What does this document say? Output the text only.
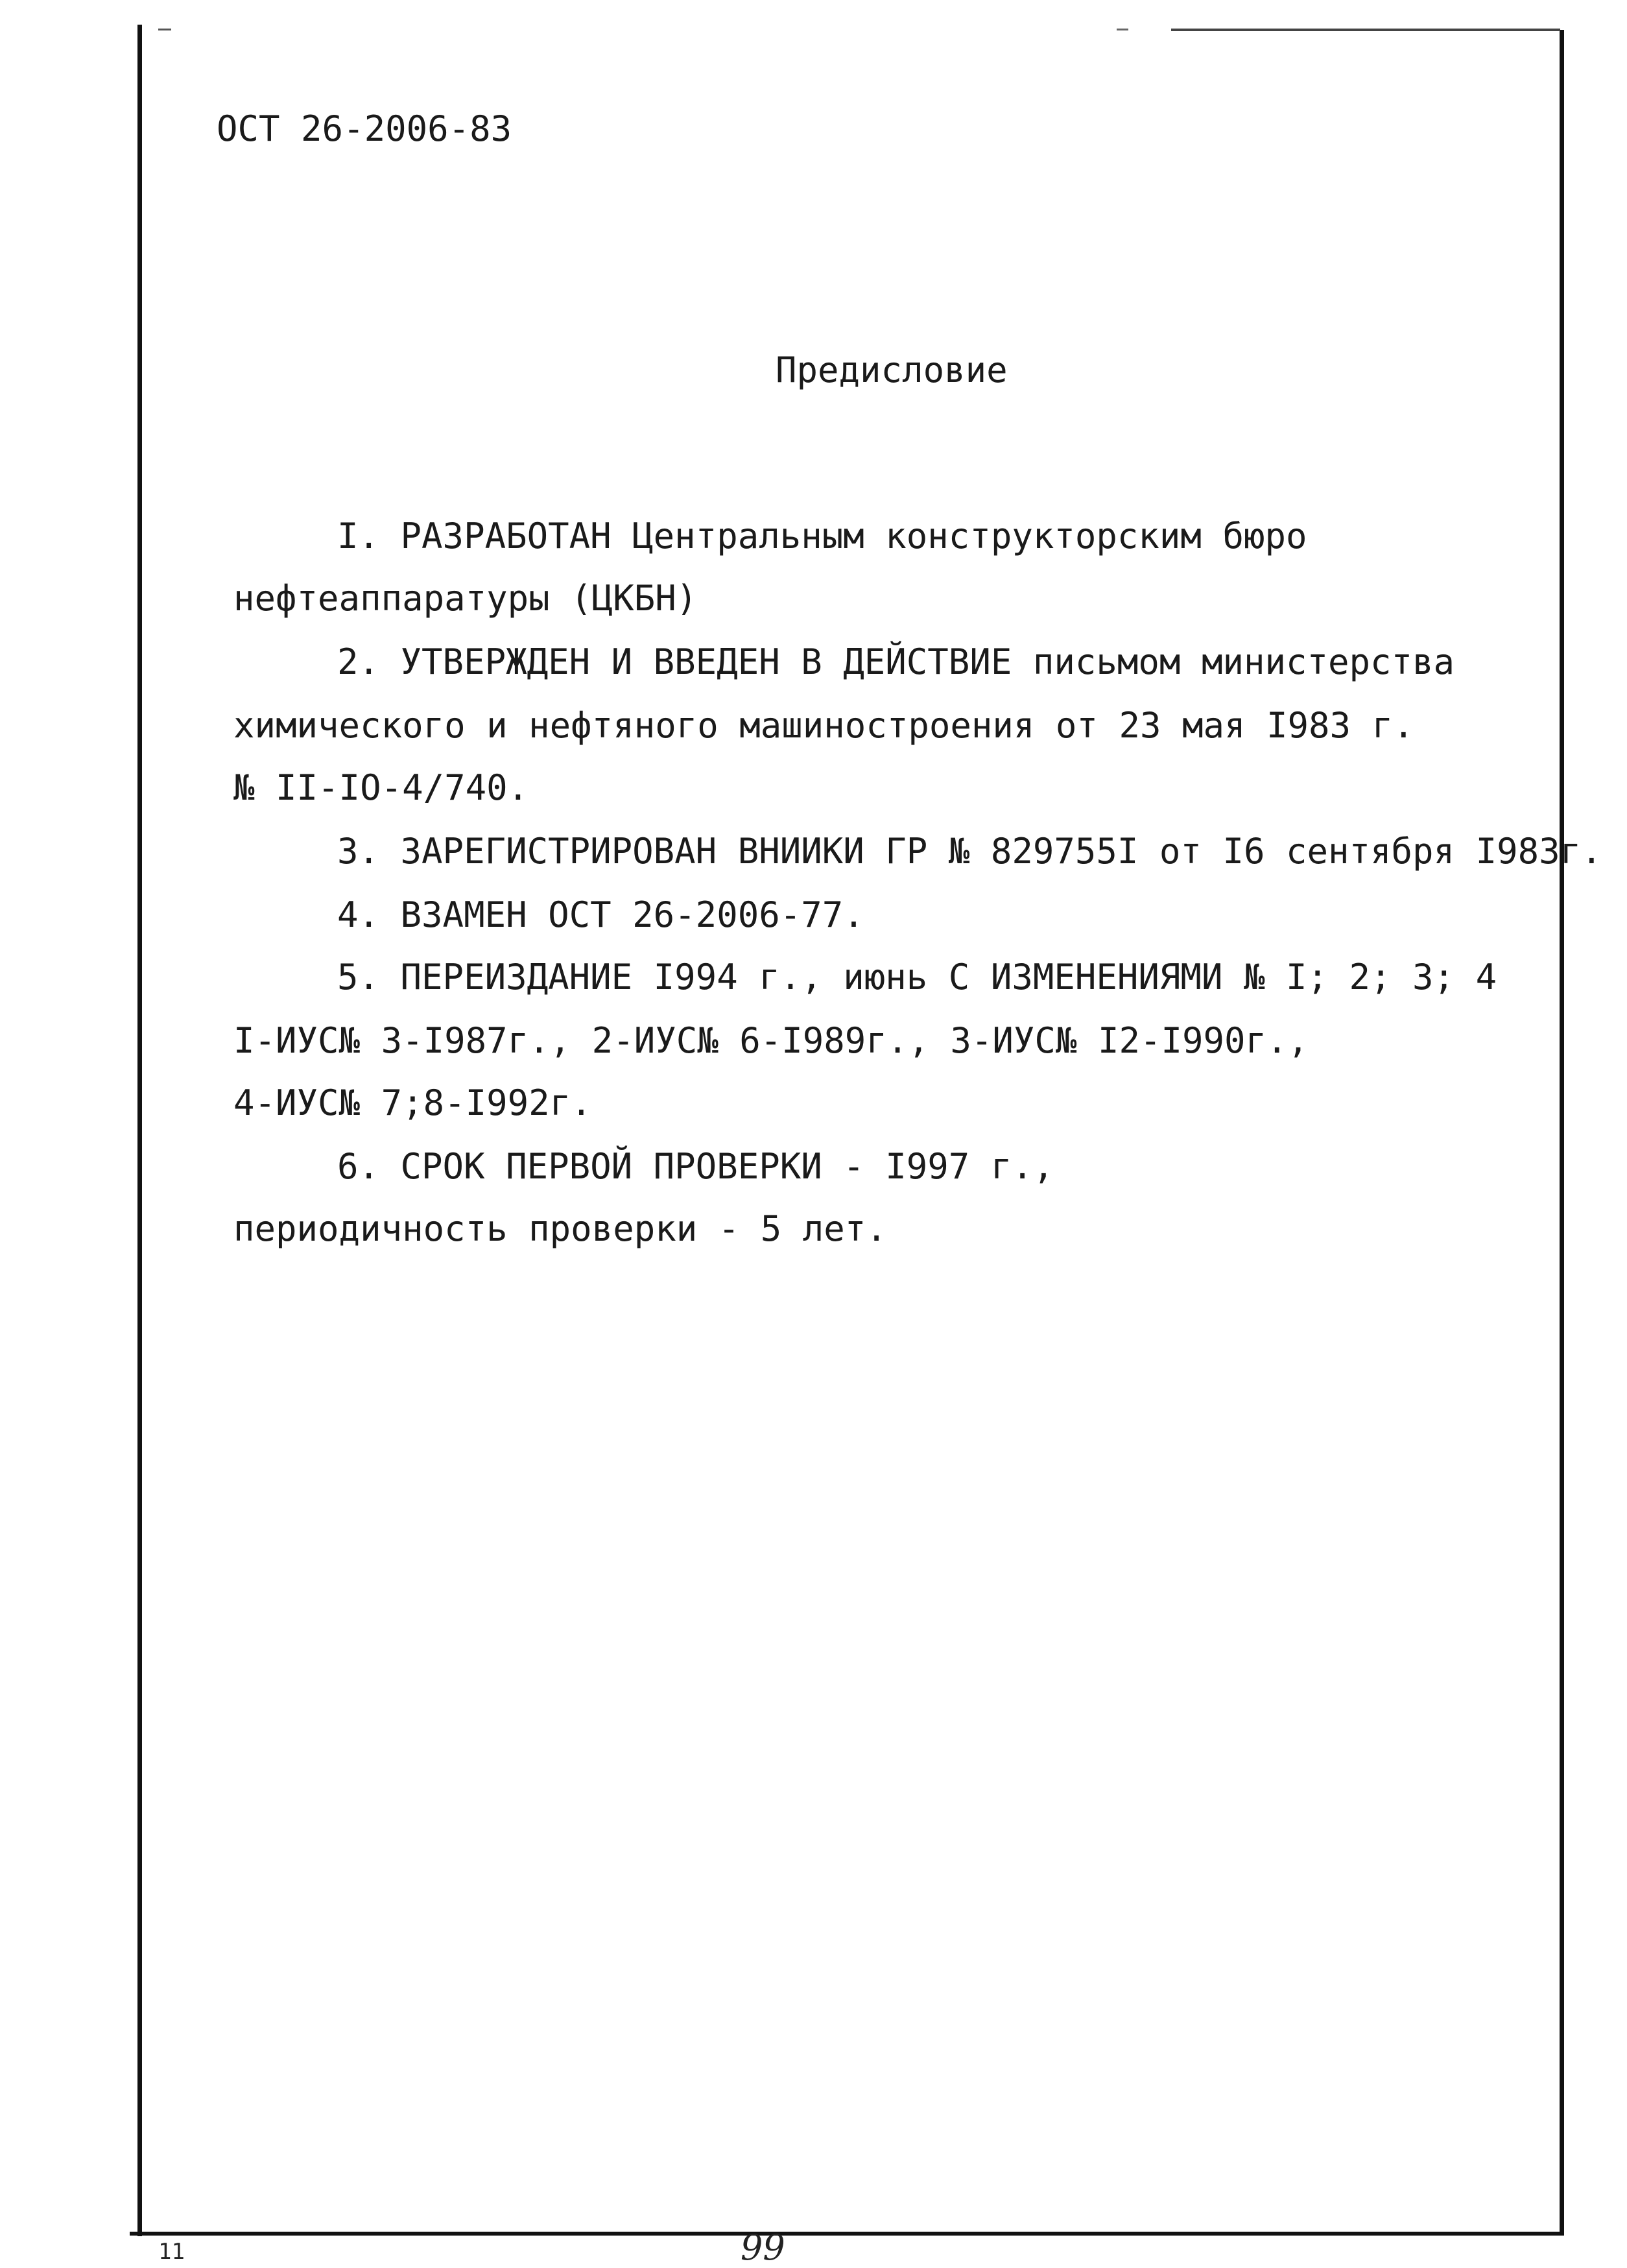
ОСТ 26-2006-83
Предисловие
I. РАЗРАБОТАН Центральным конструкторским бюро
нефтеаппаратуры (ЦКБН)
2. УТВЕРЖДЕН И ВВЕДЕН В ДЕЙСТВИЕ письмом министерства
химического и нефтяного машиностроения от 23 мая I983 г.
№ II-IO-4/740.
3. ЗАРЕГИСТРИРОВАН ВНИИКИ ГР № 829755I от I6 сентября I983г.
4. ВЗАМЕН ОСТ 26-2006-77.
5. ПЕРЕИЗДАНИЕ I994 г., июнь С ИЗМЕНЕНИЯМИ № I; 2; 3; 4
I-ИУС№ 3-I987г., 2-ИУС№ 6-I989г., 3-ИУС№ I2-I990г.,
4-ИУС№ 7;8-I992г.
6. СРОК ПЕРВОЙ ПРОВЕРКИ - I997 г.,
периодичность проверки - 5 лет.
11	99
